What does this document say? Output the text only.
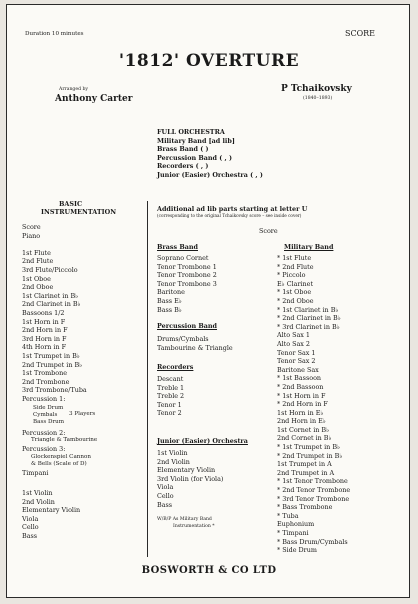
Duration 10 minutes	SCORE
'1812' OVERTURE
Arranged by
Anthony Carter
P Tchaikovsky
(1840–1893)
FULL ORCHESTRA
Military Band [ad lib]
Brass Band ( )
Percussion Band ( , )
Recorders ( , )
Junior (Easier) Orchestra ( , )
BASIC
INSTRUMENTATION
Score
Piano
1st Flute
2nd Flute
3rd Flute/Piccolo
1st Oboe
2nd Oboe
1st Clarinet in B♭
2nd Clarinet in B♭
Bassoons 1/2
1st Horn in F
2nd Horn in F
3rd Horn in F
4th Horn in F
1st Trumpet in B♭
2nd Trumpet in B♭
1st Trombone
2nd Trombone
3rd Trombone/Tuba
Percussion 1:
Side Drum
Cymbals
Bass Drum
3 Players
Percussion 2:
Triangle & Tambourine
Percussion 3:
Glockenspiel Cannon
& Bells (Scale of D)
Timpani
1st Violin
2nd Violin
Elementary Violin
Viola
Cello
Bass
Additional ad lib parts starting at letter U
(corresponding to the original Tchaikovsky score – see inside cover)
Score
Brass Band
Soprano Cornet
Tenor Trombone 1
Tenor Trombone 2
Tenor Trombone 3
Baritone
Bass E♭
Bass B♭
Percussion Band
Drums/Cymbals
Tambourine & Triangle
Recorders
Descant
Treble 1
Treble 2
Tenor 1
Tenor 2
Junior (Easier) Orchestra
1st Violin
2nd Violin
Elementary Violin
3rd Violin (for Viola)
Viola
Cello
Bass
W/B/P As Military Band
Instrumentation *
Military Band
* 1st Flute
* 2nd Flute
* Piccolo
E♭ Clarinet
* 1st Oboe
* 2nd Oboe
* 1st Clarinet in B♭
* 2nd Clarinet in B♭
* 3rd Clarinet in B♭
Alto Sax 1
Alto Sax 2
Tenor Sax 1
Tenor Sax 2
Baritone Sax
* 1st Bassoon
* 2nd Bassoon
* 1st Horn in F
* 2nd Horn in F
1st Horn in E♭
2nd Horn in E♭
1st Cornet in B♭
2nd Cornet in B♭
* 1st Trumpet in B♭
* 2nd Trumpet in B♭
1st Trumpet in A
2nd Trumpet in A
* 1st Tenor Trombone
* 2nd Tenor Trombone
* 3rd Tenor Trombone
* Bass Trombone
* Tuba
Euphonium
* Timpani
* Bass Drum/Cymbals
* Side Drum
BOSWORTH & CO LTD
